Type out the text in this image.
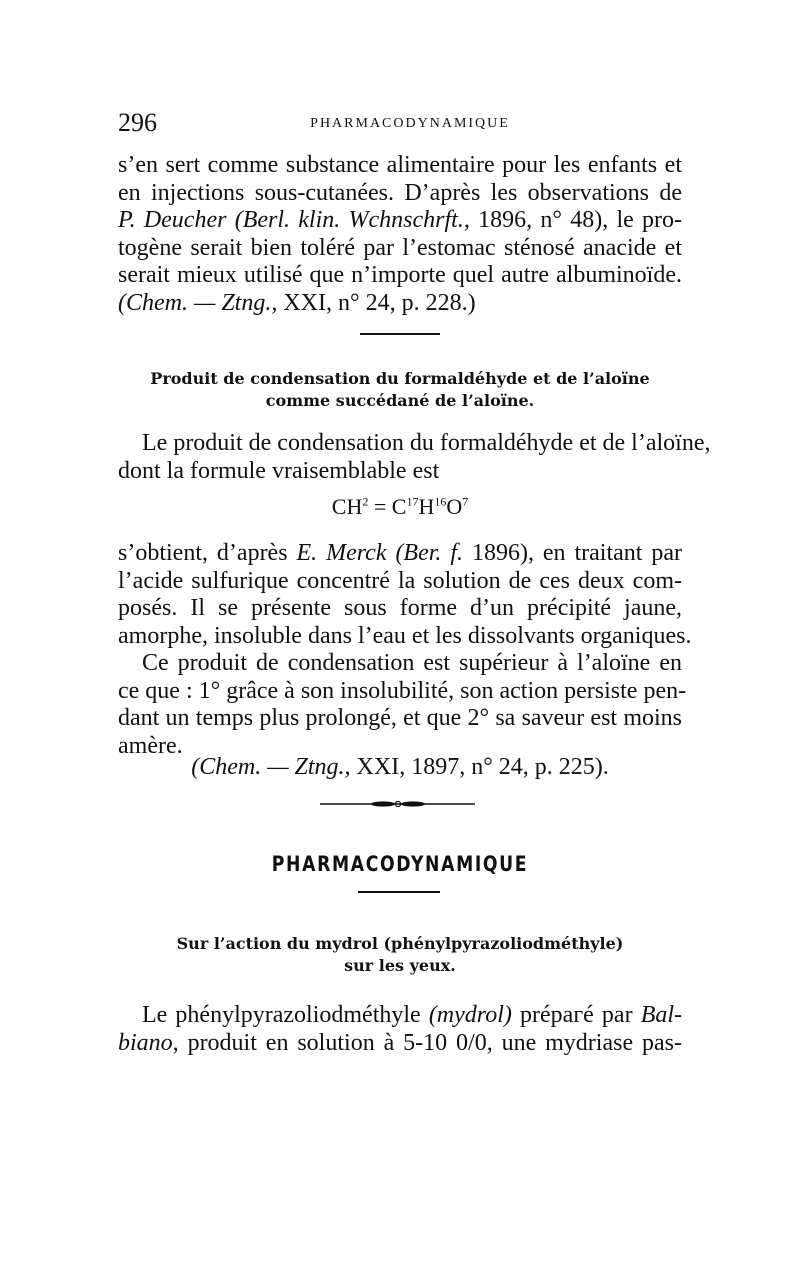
296	PHARMACODYNAMIQUE
s’en sert comme substance alimentaire pour les enfants et
en injections sous-cutanées. D’après les observations de
P. Deucher (Berl. klin. Wchnschrft., 1896, n° 48), le pro-
togène serait bien toléré par l’estomac sténosé anacide et
serait mieux utilisé que n’importe quel autre albuminoïde.
(Chem. — Ztng., XXI, n° 24, p. 228.)
Produit de condensation du formaldéhyde et de l’aloïne
comme succédané de l’aloïne.
Le produit de condensation du formaldéhyde et de l’aloïne,
dont la formule vraisemblable est
$CH^2 = C^{17}H^{16}O^7$
s’obtient, d’après E. Merck (Ber. f. 1896), en traitant par
l’acide sulfurique concentré la solution de ces deux com-
posés. Il se présente sous forme d’un précipité jaune,
amorphe, insoluble dans l’eau et les dissolvants organiques.
Ce produit de condensation est supérieur à l’aloïne en
ce que : 1° grâce à son insolubilité, son action persiste pen-
dant un temps plus prolongé, et que 2° sa saveur est moins
amère.
(Chem. — Ztng., XXI, 1897, n° 24, p. 225).
PHARMACODYNAMIQUE
Sur l’action du mydrol (phénylpyrazoliodméthyle)
sur les yeux.
Le phénylpyrazoliodméthyle (mydrol) prépaгé par Bal-
biano, produit en solution à 5-10 0/0, une mydriase pas-
